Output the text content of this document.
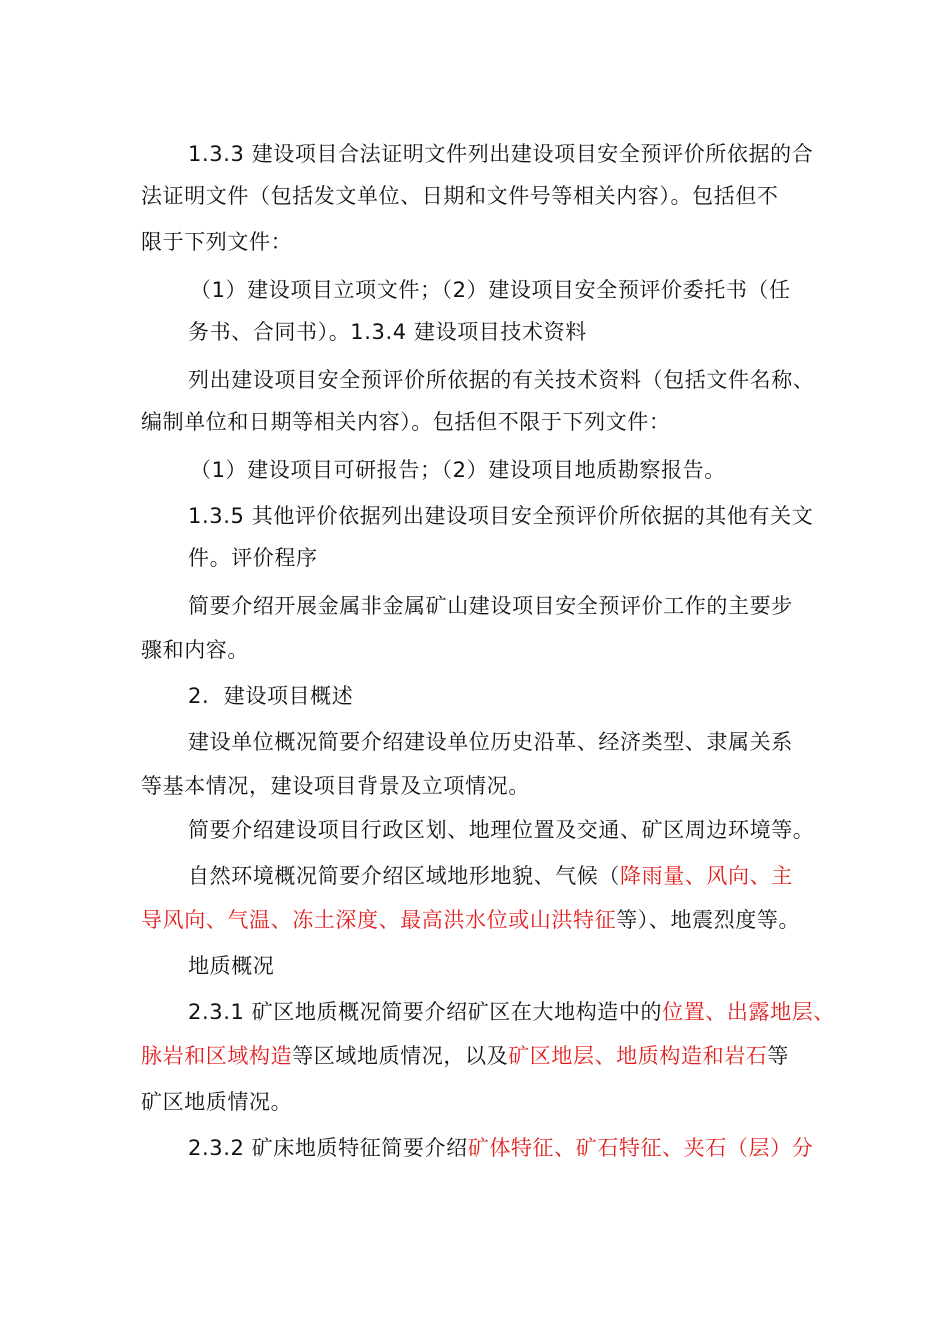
1.3.3 建设项目合法证明文件列出建设项目安全预评价所依据的合
法证明文件（包括发文单位、日期和文件号等相关内容）。包括但不
限于下列文件：
（1）建设项目立项文件；（2）建设项目安全预评价委托书（任
务书、合同书）。1.3.4 建设项目技术资料
列出建设项目安全预评价所依据的有关技术资料（包括文件名称、
编制单位和日期等相关内容）。包括但不限于下列文件：
（1）建设项目可研报告；（2）建设项目地质勘察报告。
1.3.5 其他评价依据列出建设项目安全预评价所依据的其他有关文
件。评价程序
简要介绍开展金属非金属矿山建设项目安全预评价工作的主要步
骤和内容。
2.  建设项目概述
建设单位概况简要介绍建设单位历史沿革、经济类型、隶属关系
等基本情况，建设项目背景及立项情况。
简要介绍建设项目行政区划、地理位置及交通、矿区周边环境等。
自然环境概况简要介绍区域地形地貌、气候（降雨量、风向、主
导风向、气温、冻土深度、最高洪水位或山洪特征等）、地震烈度等。
地质概况
2.3.1 矿区地质概况简要介绍矿区在大地构造中的位置、出露地层、
脉岩和区域构造等区域地质情况，以及矿区地层、地质构造和岩石等
矿区地质情况。
2.3.2 矿床地质特征简要介绍矿体特征、矿石特征、夹石（层）分
